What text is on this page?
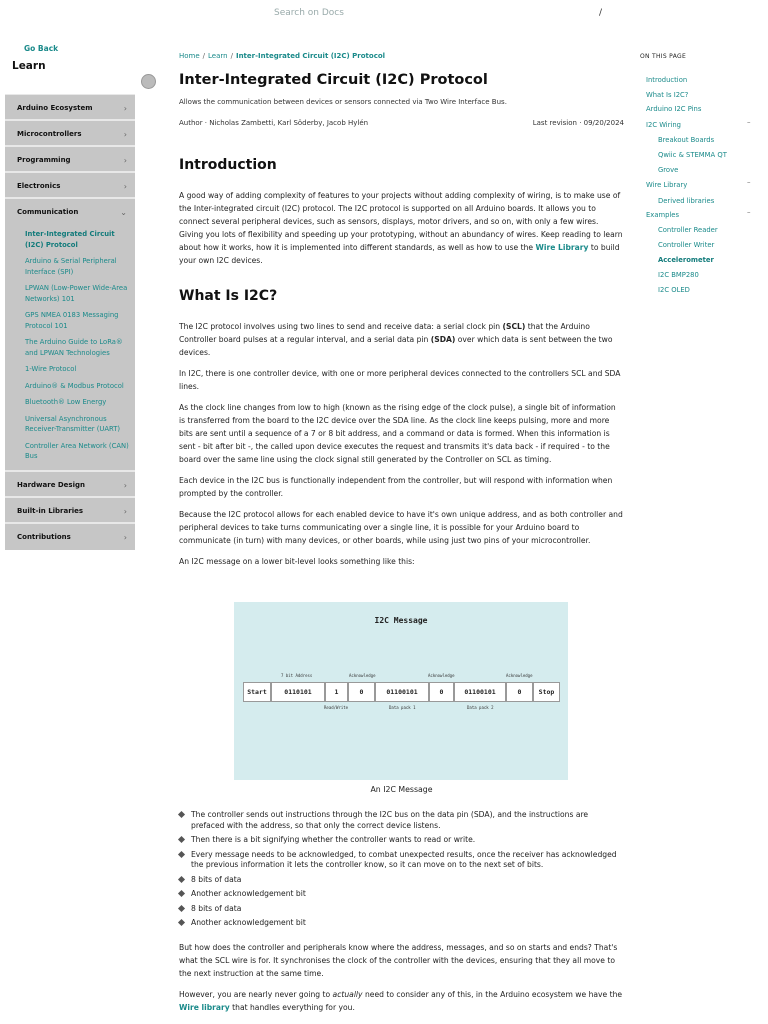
Search on Docs	/
Go Back
Learn
Arduino Ecosystem	›
Microcontrollers	›
Programming	›
Electronics	›
Communication	⌄
Inter-Integrated Circuit (I2C) Protocol
Arduino & Serial Peripheral Interface (SPI)
LPWAN (Low-Power Wide-Area Networks) 101
GPS NMEA 0183 Messaging Protocol 101
The Arduino Guide to LoRa® and LPWAN Technologies
1-Wire Protocol
Arduino® & Modbus Protocol
Bluetooth® Low Energy
Universal Asynchronous Receiver-Transmitter (UART)
Controller Area Network (CAN) Bus
Hardware Design	›
Built-in Libraries	›
Contributions	›
Home / Learn / Inter-Integrated Circuit (I2C) Protocol
Inter-Integrated Circuit (I2C) Protocol
Allows the communication between devices or sensors connected via Two Wire Interface Bus.
Author · Nicholas Zambetti, Karl Söderby, Jacob Hylén	Last revision · 09/20/2024
Introduction

A good way of adding complexity of features to your projects without adding complexity of wiring, is to make use of the Inter-integrated circuit (I2C) protocol. The I2C protocol is supported on all Arduino boards. It allows you to connect several peripheral devices, such as sensors, displays, motor drivers, and so on, with only a few wires. Giving you lots of flexibility and speeding up your prototyping, without an abundancy of wires. Keep reading to learn about how it works, how it is implemented into different standards, as well as how to use the Wire Library to build your own I2C devices.

What Is I2C?

The I2C protocol involves using two lines to send and receive data: a serial clock pin (SCL) that the Arduino Controller board pulses at a regular interval, and a serial data pin (SDA) over which data is sent between the two devices.

In I2C, there is one controller device, with one or more peripheral devices connected to the controllers SCL and SDA lines.

As the clock line changes from low to high (known as the rising edge of the clock pulse), a single bit of information is transferred from the board to the I2C device over the SDA line. As the clock line keeps pulsing, more and more bits are sent until a sequence of a 7 or 8 bit address, and a command or data is formed. When this information is sent - bit after bit -, the called upon device executes the request and transmits it's data back - if required - to the board over the same line using the clock signal still generated by the Controller on SCL as timing.

Each device in the I2C bus is functionally independent from the controller, but will respond with information when prompted by the controller.

Because the I2C protocol allows for each enabled device to have it's own unique address, and as both controller and peripheral devices to take turns communicating over a single line, it is possible for your Arduino board to communicate (in turn) with many devices, or other boards, while using just two pins of your microcontroller.

An I2C message on a lower bit-level looks something like this:

I2C Message
7 bit Address	Acknowledge	Acknowledge	Acknowledge
Start	0110101	1	0	01100101	0	01100101	0	Stop
Read/Write	Data pack 1	Data pack 2
An I2C Message
The controller sends out instructions through the I2C bus on the data pin (SDA), and the instructions are prefaced with the address, so that only the correct device listens.
Then there is a bit signifying whether the controller wants to read or write.
Every message needs to be acknowledged, to combat unexpected results, once the receiver has acknowledged the previous information it lets the controller know, so it can move on to the next set of bits.
8 bits of data
Another acknowledgement bit
8 bits of data
Another acknowledgement bit

But how does the controller and peripherals know where the address, messages, and so on starts and ends? That's what the SCL wire is for. It synchronises the clock of the controller with the devices, ensuring that they all move to the next instruction at the same time.

However, you are nearly never going to actually need to consider any of this, in the Arduino ecosystem we have the Wire library that handles everything for you.

ON THIS PAGE
Introduction
What Is I2C?
Arduino I2C Pins
I2C Wiring	–
Breakout Boards
Qwiic & STEMMA QT
Grove
Wire Library	–
Derived libraries
Examples	–
Controller Reader
Controller Writer
Accelerometer
I2C BMP280
I2C OLED
